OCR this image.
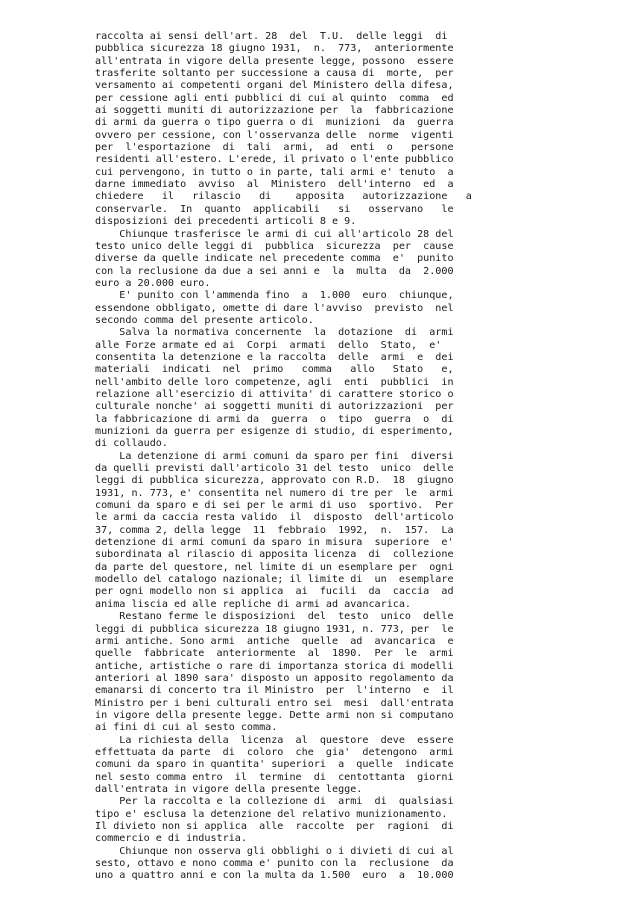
raccolta ai sensi dell'art. 28  del  T.U.  delle leggi  di
pubblica sicurezza 18 giugno 1931,  n.  773,  anteriormente
all'entrata in vigore della presente legge, possono  essere
trasferite soltanto per successione a causa di  morte,  per
versamento ai competenti organi del Ministero della difesa,
per cessione agli enti pubblici di cui al quinto  comma  ed
ai soggetti muniti di autorizzazione per  la  fabbricazione
di armi da guerra o tipo guerra o di  munizioni  da  guerra
ovvero per cessione, con l'osservanza delle  norme  vigenti
per  l'esportazione  di  tali  armi,  ad  enti  o   persone
residenti all'estero. L'erede, il privato o l'ente pubblico
cui pervengono, in tutto o in parte, tali armi e' tenuto  a
darne immediato  avviso  al  Ministero  dell'interno  ed  a
chiedere   il   rilascio   di    apposita   autorizzazione   a
conservarle.  In  quanto  applicabili   si   osservano   le
disposizioni dei precedenti articoli 8 e 9.
Chiunque trasferisce le armi di cui all'articolo 28 del
testo unico delle leggi di  pubblica  sicurezza  per  cause
diverse da quelle indicate nel precedente comma  e'  punito
con la reclusione da due a sei anni e  la  multa  da  2.000
euro a 20.000 euro.
E' punito con l'ammenda fino  a  1.000  euro  chiunque,
essendone obbligato, omette di dare l'avviso  previsto  nel
secondo comma del presente articolo.
Salva la normativa concernente  la  dotazione  di  armi
alle Forze armate ed ai  Corpi  armati  dello  Stato,  e'
consentita la detenzione e la raccolta  delle  armi  e  dei
materiali  indicati  nel  primo   comma   allo   Stato   e,
nell'ambito delle loro competenze, agli  enti  pubblici  in
relazione all'esercizio di attivita' di carattere storico o
culturale nonche' ai soggetti muniti di autorizzazioni  per
la fabbricazione di armi da  guerra  o  tipo  guerra  o  di
munizioni da guerra per esigenze di studio, di esperimento,
di collaudo.
La detenzione di armi comuni da sparo per fini  diversi
da quelli previsti dall'articolo 31 del testo  unico  delle
leggi di pubblica sicurezza, approvato con R.D.  18  giugno
1931, n. 773, e' consentita nel numero di tre per  le  armi
comuni da sparo e di sei per le armi di uso  sportivo.  Per
le armi da caccia resta valido  il  disposto  dell'articolo
37, comma 2, della legge  11  febbraio  1992,  n.  157.  La
detenzione di armi comuni da sparo in misura  superiore  e'
subordinata al rilascio di apposita licenza  di  collezione
da parte del questore, nel limite di un esemplare per  ogni
modello del catalogo nazionale; il limite di  un  esemplare
per ogni modello non si applica  ai  fucili  da  caccia  ad
anima liscia ed alle repliche di armi ad avancarica.
Restano ferme le disposizioni  del  testo  unico  delle
leggi di pubblica sicurezza 18 giugno 1931, n. 773, per  le
armi antiche. Sono armi  antiche  quelle  ad  avancarica  e
quelle  fabbricate  anteriormente  al  1890.  Per  le  armi
antiche, artistiche o rare di importanza storica di modelli
anteriori al 1890 sara' disposto un apposito regolamento da
emanarsi di concerto tra il Ministro  per  l'interno  e  il
Ministro per i beni culturali entro sei  mesi  dall'entrata
in vigore della presente legge. Dette armi non si computano
ai fini di cui al sesto comma.
La richiesta della  licenza  al  questore  deve  essere
effettuata da parte  di  coloro  che  gia'  detengono  armi
comuni da sparo in quantita' superiori  a  quelle  indicate
nel sesto comma entro  il  termine  di  centottanta  giorni
dall'entrata in vigore della presente legge.
Per la raccolta e la collezione di  armi  di  qualsiasi
tipo e' esclusa la detenzione del relativo munizionamento.
Il divieto non si applica  alle  raccolte  per  ragioni  di
commercio e di industria.
Chiunque non osserva gli obblighi o i divieti di cui al
sesto, ottavo e nono comma e' punito con la  reclusione  da
uno a quattro anni e con la multa da 1.500  euro  a  10.000
